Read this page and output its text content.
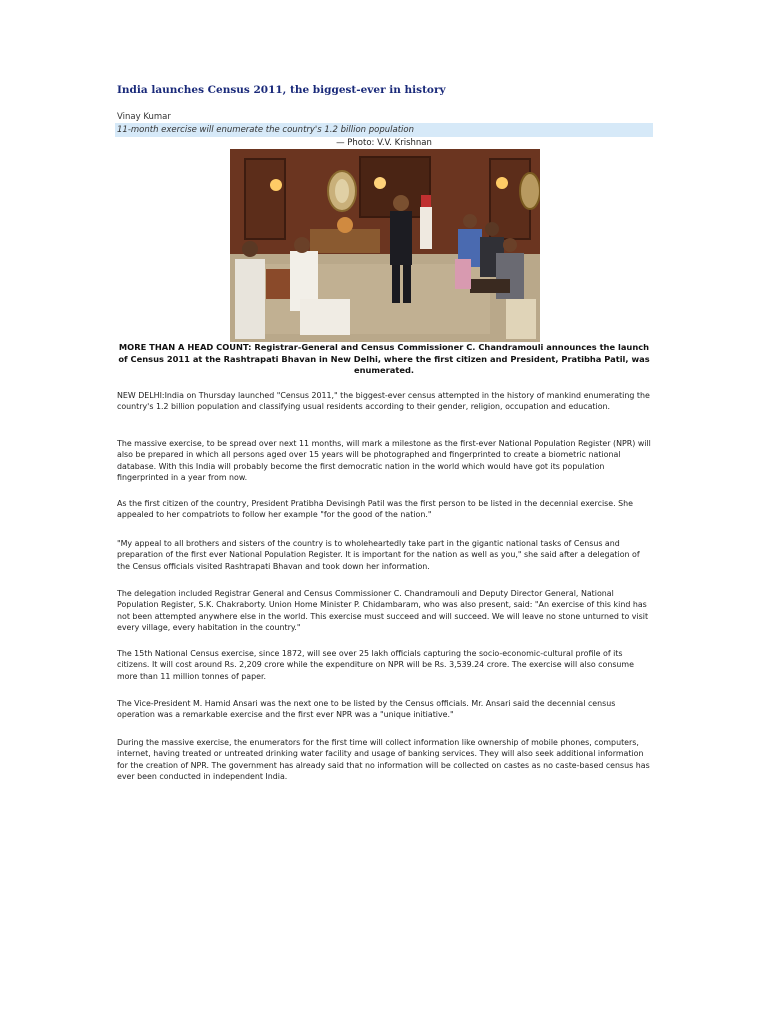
India launches Census 2011, the biggest-ever in history
Vinay Kumar
11-month exercise will enumerate the country's 1.2 billion population
— Photo: V.V. Krishnan
MORE THAN A HEAD COUNT: Registrar-General and Census Commissioner C. Chandramouli announces the launch of Census 2011 at the Rashtrapati Bhavan in New Delhi, where the first citizen and President, Pratibha Patil, was enumerated.

NEW DELHI:India on Thursday launched "Census 2011," the biggest-ever census attempted in the history of mankind enumerating the country's 1.2 billion population and classifying usual residents according to their gender, religion, occupation and education.

The massive exercise, to be spread over next 11 months, will mark a milestone as the first-ever National Population Register (NPR) will also be prepared in which all persons aged over 15 years will be photographed and fingerprinted to create a biometric national database. With this India will probably become the first democratic nation in the world which would have got its population fingerprinted in a year from now.

As the first citizen of the country, President Pratibha Devisingh Patil was the first person to be listed in the decennial exercise. She appealed to her compatriots to follow her example "for the good of the nation."

"My appeal to all brothers and sisters of the country is to wholeheartedly take part in the gigantic national tasks of Census and preparation of the first ever National Population Register. It is important for the nation as well as you," she said after a delegation of the Census officials visited Rashtrapati Bhavan and took down her information.

The delegation included Registrar General and Census Commissioner C. Chandramouli and Deputy Director General, National Population Register, S.K. Chakraborty. Union Home Minister P. Chidambaram, who was also present, said: "An exercise of this kind has not been attempted anywhere else in the world. This exercise must succeed and will succeed. We will leave no stone unturned to visit every village, every habitation in the country."

The 15th National Census exercise, since 1872, will see over 25 lakh officials capturing the socio-economic-cultural profile of its citizens. It will cost around Rs. 2,209 crore while the expenditure on NPR will be Rs. 3,539.24 crore. The exercise will also consume more than 11 million tonnes of paper.

The Vice-President M. Hamid Ansari was the next one to be listed by the Census officials. Mr. Ansari said the decennial census operation was a remarkable exercise and the first ever NPR was a "unique initiative."

During the massive exercise, the enumerators for the first time will collect information like ownership of mobile phones, computers, internet, having treated or untreated drinking water facility and usage of banking services. They will also seek additional information for the creation of NPR. The government has already said that no information will be collected on castes as no caste-based census has ever been conducted in independent India.
